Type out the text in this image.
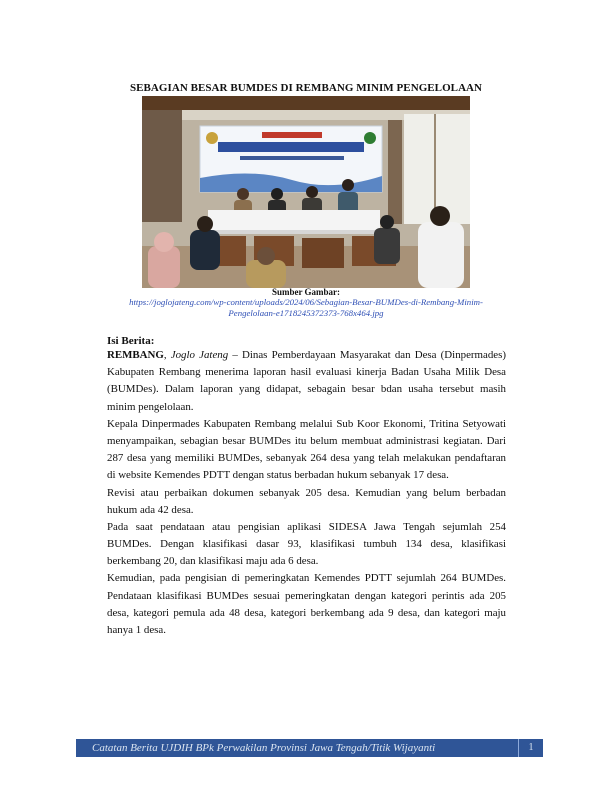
SEBAGIAN BESAR BUMDES DI REMBANG MINIM PENGELOLAAN
Sumber Gambar:
https://joglojateng.com/wp-content/uploads/2024/06/Sebagian-Besar-BUMDes-di-Rembang-Minim-
Pengelolaan-e1718245372373-768x464.jpg
Isi Berita:
REMBANG, Joglo Jateng – Dinas Pemberdayaan Masyarakat dan Desa (Dinpermades)
Kabupaten Rembang menerima laporan hasil evaluasi kinerja Badan Usaha Milik Desa
(BUMDes). Dalam laporan yang didapat, sebagain besar bdan usaha tersebut masih
minim pengelolaan.
Kepala Dinpermades Kabupaten Rembang melalui Sub Koor Ekonomi, Tritina Setyowati
menyampaikan, sebagian besar BUMDes itu belum membuat administrasi kegiatan. Dari
287 desa yang memiliki BUMDes, sebanyak 264 desa yang telah melakukan pendaftaran
di website Kemendes PDTT dengan status berbadan hukum sebanyak 17 desa.
Revisi atau perbaikan dokumen sebanyak 205 desa. Kemudian yang belum berbadan
hukum ada 42 desa.
Pada saat pendataan atau pengisian aplikasi SIDESA Jawa Tengah sejumlah 254
BUMDes. Dengan klasifikasi dasar 93, klasifikasi tumbuh 134 desa, klasifikasi
berkembang 20, dan klasifikasi maju ada 6 desa.
Kemudian, pada pengisian di pemeringkatan Kemendes PDTT sejumlah 264 BUMDes.
Pendataan klasifikasi BUMDes sesuai pemeringkatan dengan kategori perintis ada 205
desa, kategori pemula ada 48 desa, kategori berkembang ada 9 desa, dan kategori maju
hanya 1 desa.
Catatan Berita UJDIH BPk Perwakilan Provinsi Jawa Tengah/Titik Wijayanti	1
